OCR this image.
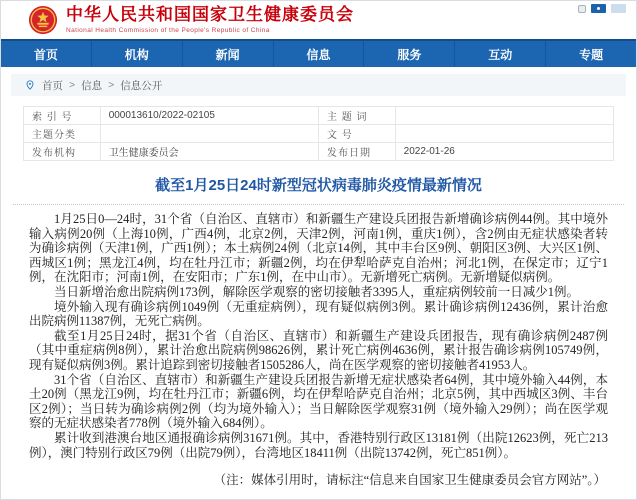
中华人民共和国国家卫生健康委员会
National Health Commission of the People's Republic of China
首页	机构	新闻	信息	服务	互动	专题
首页 > 信息 > 信息公开
索 引 号	000013610/2022-02105	主 题 词	
主题分类		文 号	
发布机构	卫生健康委员会	发布日期	2022-01-26
截至1月25日24时新型冠状病毒肺炎疫情最新情况

1月25日0—24时，31个省（自治区、直辖市）和新疆生产建设兵团报告新增确诊病例44例。其中境外输入病例20例（上海10例，广西4例，北京2例，天津2例，河南1例，重庆1例），含2例由无症状感染者转为确诊病例（天津1例，广西1例）；本土病例24例（北京14例，其中丰台区9例、朝阳区3例、大兴区1例、西城区1例；黑龙江4例，均在牡丹江市；新疆2例，均在伊犁哈萨克自治州；河北1例，在保定市；辽宁1例，在沈阳市；河南1例，在安阳市；广东1例，在中山市）。无新增死亡病例。无新增疑似病例。

当日新增治愈出院病例173例，解除医学观察的密切接触者3395人，重症病例较前一日减少1例。

境外输入现有确诊病例1049例（无重症病例），现有疑似病例3例。累计确诊病例12436例，累计治愈出院病例11387例，无死亡病例。

截至1月25日24时，据31个省（自治区、直辖市）和新疆生产建设兵团报告，现有确诊病例2487例（其中重症病例8例），累计治愈出院病例98626例，累计死亡病例4636例，累计报告确诊病例105749例，现有疑似病例3例。累计追踪到密切接触者1505286人，尚在医学观察的密切接触者41953人。

31个省（自治区、直辖市）和新疆生产建设兵团报告新增无症状感染者64例，其中境外输入44例，本土20例（黑龙江9例，均在牡丹江市；新疆6例，均在伊犁哈萨克自治州；北京5例，其中西城区3例、丰台区2例）；当日转为确诊病例2例（均为境外输入）；当日解除医学观察31例（境外输入29例）；尚在医学观察的无症状感染者778例（境外输入684例）。

累计收到港澳台地区通报确诊病例31671例。其中，香港特别行政区13181例（出院12623例，死亡213例），澳门特别行政区79例（出院79例），台湾地区18411例（出院13742例，死亡851例）。

（注：媒体引用时，请标注“信息来自国家卫生健康委员会官方网站”。）
